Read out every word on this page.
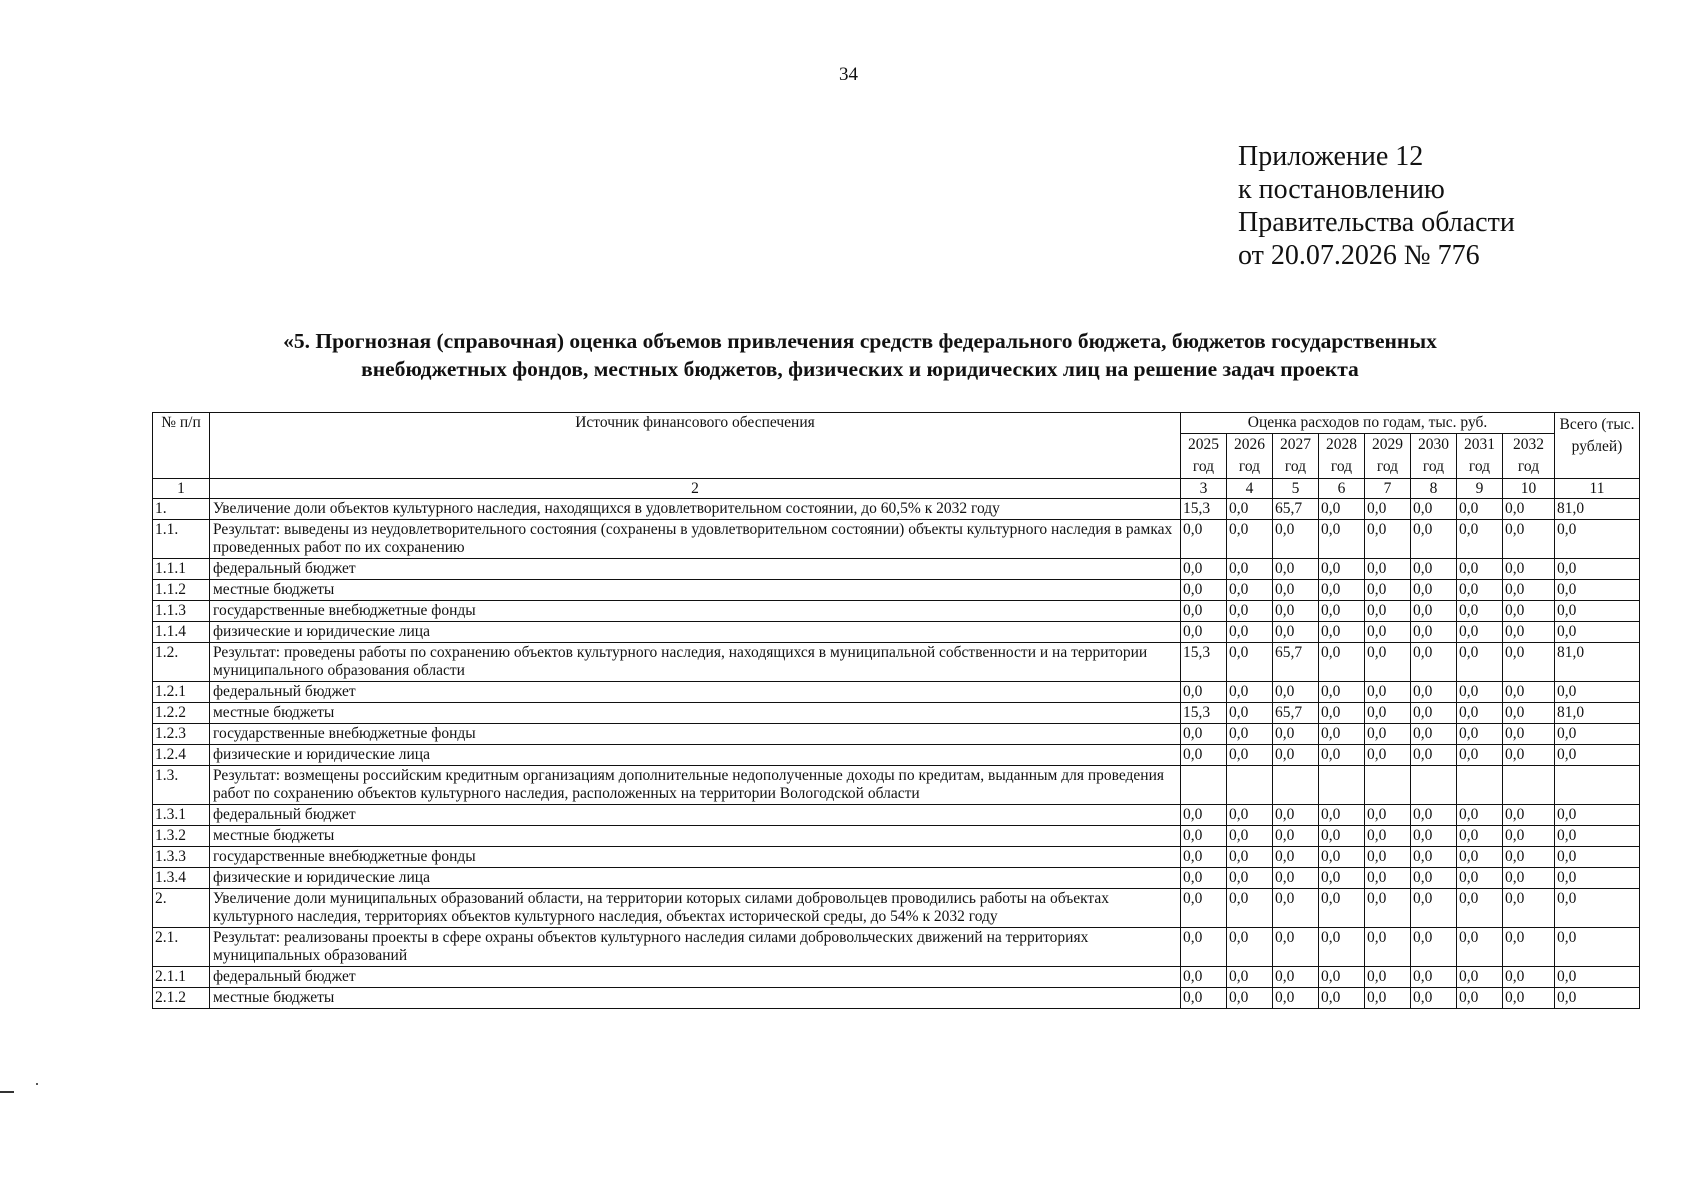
34
Приложение 12
к постановлению
Правительства области
от 20.07.2026 № 776
«5. Прогнозная (справочная) оценка объемов привлечения средств федерального бюджета, бюджетов государственных
внебюджетных фондов, местных бюджетов, физических и юридических лиц на решение задач проекта
№ п/п	Источник финансового обеспечения	Оценка расходов по годам, тыс. руб.								Всего (тыс. рублей)
		2025 год	2026 год	2027 год	2028 год	2029 год	2030 год	2031 год	2032 год	
1	2	3	4	5	6	7	8	9	10	11
1.	Увеличение доли объектов культурного наследия, находящихся в удовлетворительном состоянии, до 60,5% к 2032 году	15,3	0,0	65,7	0,0	0,0	0,0	0,0	0,0	81,0
1.1.	Результат: выведены из неудовлетворительного состояния (сохранены в удовлетворительном состоянии) объекты культурного наследия в рамках проведенных работ по их сохранению	0,0	0,0	0,0	0,0	0,0	0,0	0,0	0,0	0,0
1.1.1	федеральный бюджет	0,0	0,0	0,0	0,0	0,0	0,0	0,0	0,0	0,0
1.1.2	местные бюджеты	0,0	0,0	0,0	0,0	0,0	0,0	0,0	0,0	0,0
1.1.3	государственные внебюджетные фонды	0,0	0,0	0,0	0,0	0,0	0,0	0,0	0,0	0,0
1.1.4	физические и юридические лица	0,0	0,0	0,0	0,0	0,0	0,0	0,0	0,0	0,0
1.2.	Результат: проведены работы по сохранению объектов культурного наследия, находящихся в муниципальной собственности и на территории муниципального образования области	15,3	0,0	65,7	0,0	0,0	0,0	0,0	0,0	81,0
1.2.1	федеральный бюджет	0,0	0,0	0,0	0,0	0,0	0,0	0,0	0,0	0,0
1.2.2	местные бюджеты	15,3	0,0	65,7	0,0	0,0	0,0	0,0	0,0	81,0
1.2.3	государственные внебюджетные фонды	0,0	0,0	0,0	0,0	0,0	0,0	0,0	0,0	0,0
1.2.4	физические и юридические лица	0,0	0,0	0,0	0,0	0,0	0,0	0,0	0,0	0,0
1.3.	Результат: возмещены российским кредитным организациям дополнительные недополученные доходы по кредитам, выданным для проведения работ по сохранению объектов культурного наследия, расположенных на территории Вологодской области									
1.3.1	федеральный бюджет	0,0	0,0	0,0	0,0	0,0	0,0	0,0	0,0	0,0
1.3.2	местные бюджеты	0,0	0,0	0,0	0,0	0,0	0,0	0,0	0,0	0,0
1.3.3	государственные внебюджетные фонды	0,0	0,0	0,0	0,0	0,0	0,0	0,0	0,0	0,0
1.3.4	физические и юридические лица	0,0	0,0	0,0	0,0	0,0	0,0	0,0	0,0	0,0
2.	Увеличение доли муниципальных образований области, на территории которых силами добровольцев проводились работы на объектах культурного наследия, территориях объектов культурного наследия, объектах исторической среды, до 54% к 2032 году	0,0	0,0	0,0	0,0	0,0	0,0	0,0	0,0	0,0
2.1.	Результат: реализованы проекты в сфере охраны объектов культурного наследия силами добровольческих движений на территориях муниципальных образований	0,0	0,0	0,0	0,0	0,0	0,0	0,0	0,0	0,0
2.1.1	федеральный бюджет	0,0	0,0	0,0	0,0	0,0	0,0	0,0	0,0	0,0
2.1.2	местные бюджеты	0,0	0,0	0,0	0,0	0,0	0,0	0,0	0,0	0,0
